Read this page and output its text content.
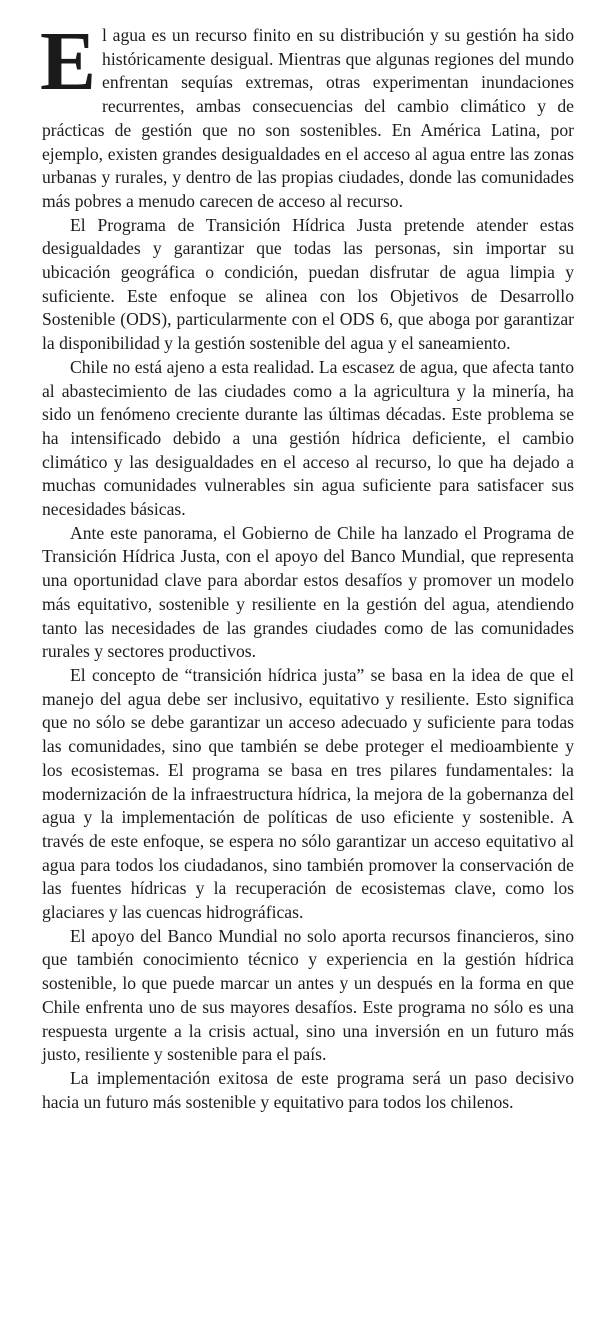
El agua es un recurso finito en su distribución y su gestión ha sido históricamente desigual. Mientras que algunas regiones del mundo enfrentan sequías extremas, otras experimentan inundaciones recurrentes, ambas consecuencias del cambio climático y de prácticas de gestión que no son sostenibles. En América Latina, por ejemplo, existen grandes desigualdades en el acceso al agua entre las zonas urbanas y rurales, y dentro de las propias ciudades, donde las comunidades más pobres a menudo carecen de acceso al recurso.

El Programa de Transición Hídrica Justa pretende atender estas desigualdades y garantizar que todas las personas, sin importar su ubicación geográfica o condición, puedan disfrutar de agua limpia y suficiente. Este enfoque se alinea con los Objetivos de Desarrollo Sostenible (ODS), particularmente con el ODS 6, que aboga por garantizar la disponibilidad y la gestión sostenible del agua y el saneamiento.

Chile no está ajeno a esta realidad. La escasez de agua, que afecta tanto al abastecimiento de las ciudades como a la agricultura y la minería, ha sido un fenómeno creciente durante las últimas décadas. Este problema se ha intensificado debido a una gestión hídrica deficiente, el cambio climático y las desigualdades en el acceso al recurso, lo que ha dejado a muchas comunidades vulnerables sin agua suficiente para satisfacer sus necesidades básicas.

Ante este panorama, el Gobierno de Chile ha lanzado el Programa de Transición Hídrica Justa, con el apoyo del Banco Mundial, que representa una oportunidad clave para abordar estos desafíos y promover un modelo más equitativo, sostenible y resiliente en la gestión del agua, atendiendo tanto las necesidades de las grandes ciudades como de las comunidades rurales y sectores productivos.

El concepto de “transición hídrica justa” se basa en la idea de que el manejo del agua debe ser inclusivo, equitativo y resiliente. Esto significa que no sólo se debe garantizar un acceso adecuado y suficiente para todas las comunidades, sino que también se debe proteger el medioambiente y los ecosistemas. El programa se basa en tres pilares fundamentales: la modernización de la infraestructura hídrica, la mejora de la gobernanza del agua y la implementación de políticas de uso eficiente y sostenible. A través de este enfoque, se espera no sólo garantizar un acceso equitativo al agua para todos los ciudadanos, sino también promover la conservación de las fuentes hídricas y la recuperación de ecosistemas clave, como los glaciares y las cuencas hidrográficas.

El apoyo del Banco Mundial no solo aporta recursos financieros, sino que también conocimiento técnico y experiencia en la gestión hídrica sostenible, lo que puede marcar un antes y un después en la forma en que Chile enfrenta uno de sus mayores desafíos. Este programa no sólo es una respuesta urgente a la crisis actual, sino una inversión en un futuro más justo, resiliente y sostenible para el país.

La implementación exitosa de este programa será un paso decisivo hacia un futuro más sostenible y equitativo para todos los chilenos.
